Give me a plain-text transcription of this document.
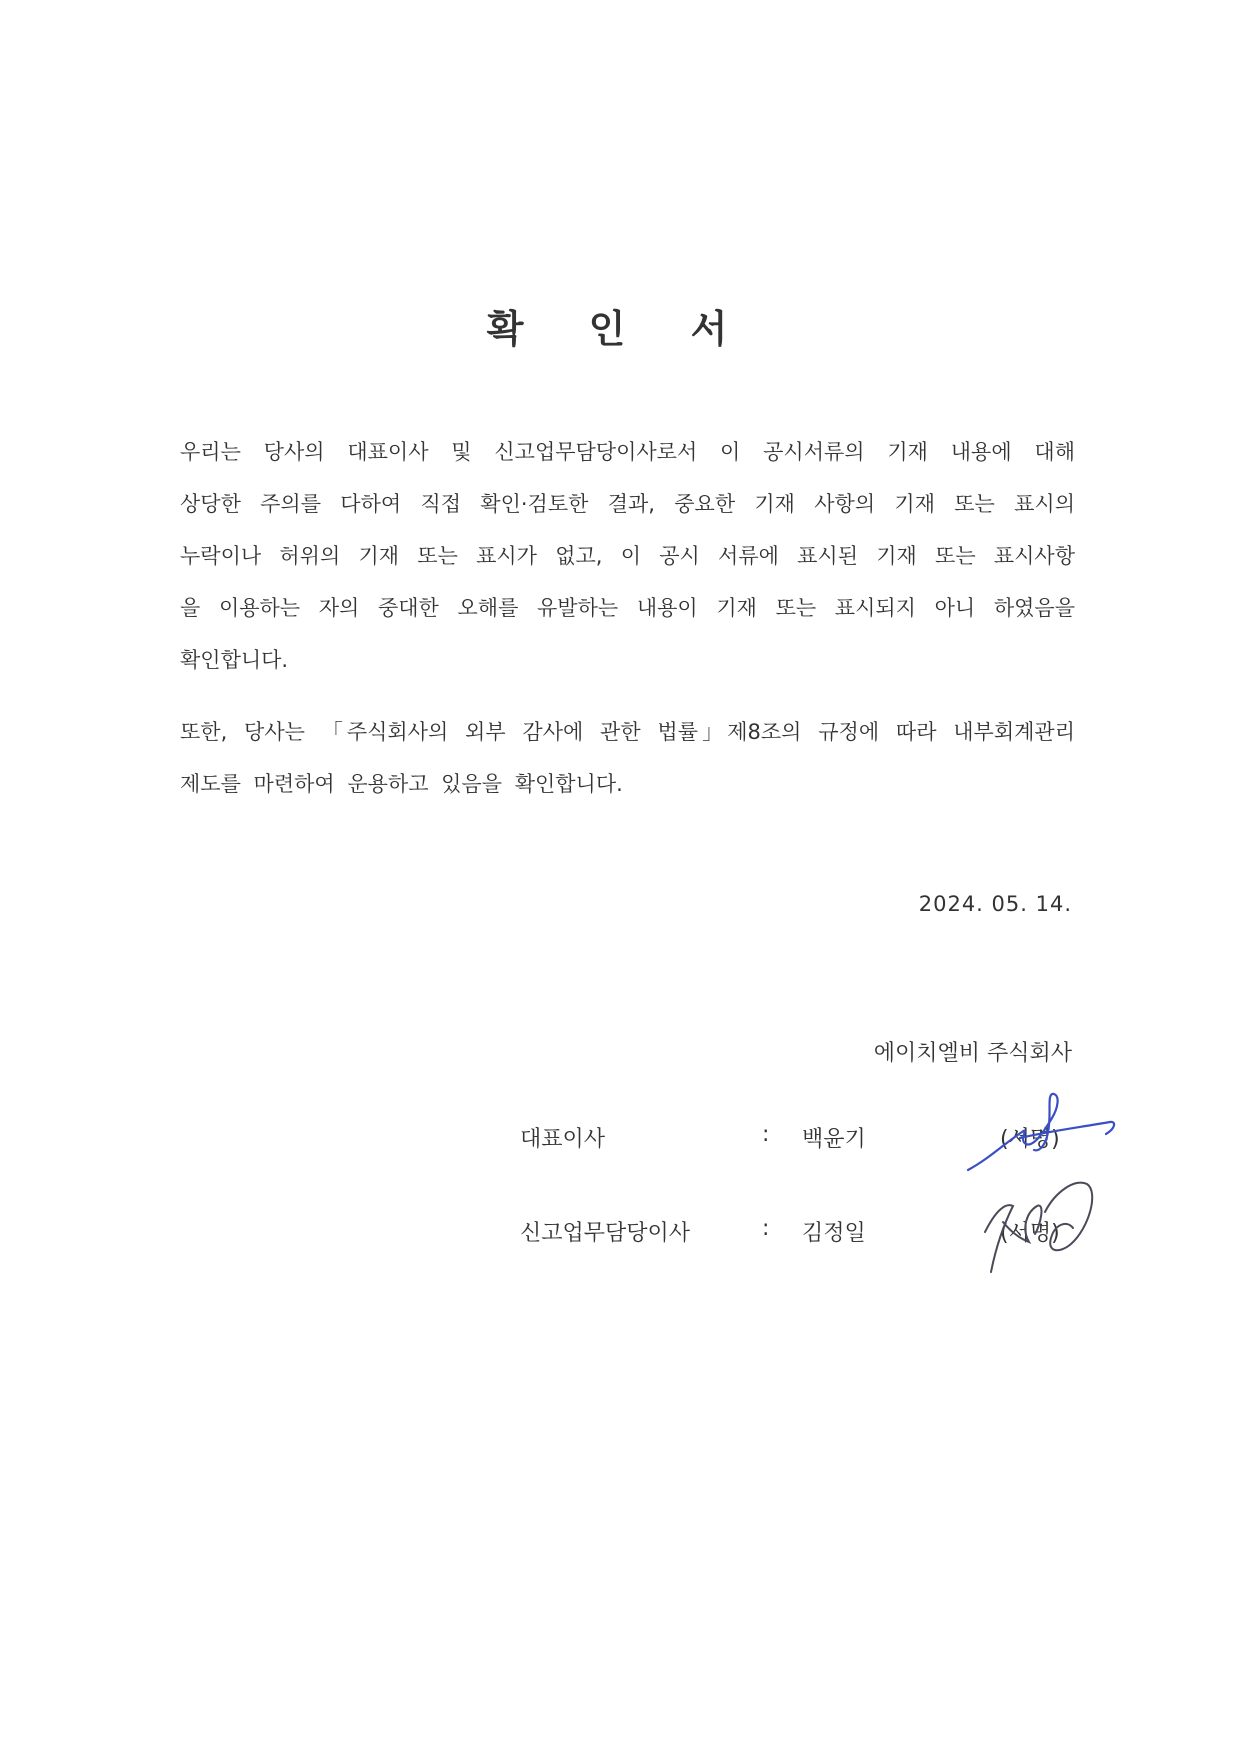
확 인 서
우리는 당사의 대표이사 및 신고업무담당이사로서 이 공시서류의 기재 내용에 대해
상당한 주의를 다하여 직접 확인·검토한 결과, 중요한 기재 사항의 기재 또는 표시의
누락이나 허위의 기재 또는 표시가 없고, 이 공시 서류에 표시된 기재 또는 표시사항
을 이용하는 자의 중대한 오해를 유발하는 내용이 기재 또는 표시되지 아니 하였음을
확인합니다.
또한, 당사는 「주식회사의 외부 감사에 관한 법률」제8조의 규정에 따라 내부회계관리
제도를 마련하여 운용하고 있음을 확인합니다.
2024. 05. 14.
에이치엘비 주식회사
대표이사	: 백윤기	(서명)
신고업무담당이사	: 김정일	(서명)
